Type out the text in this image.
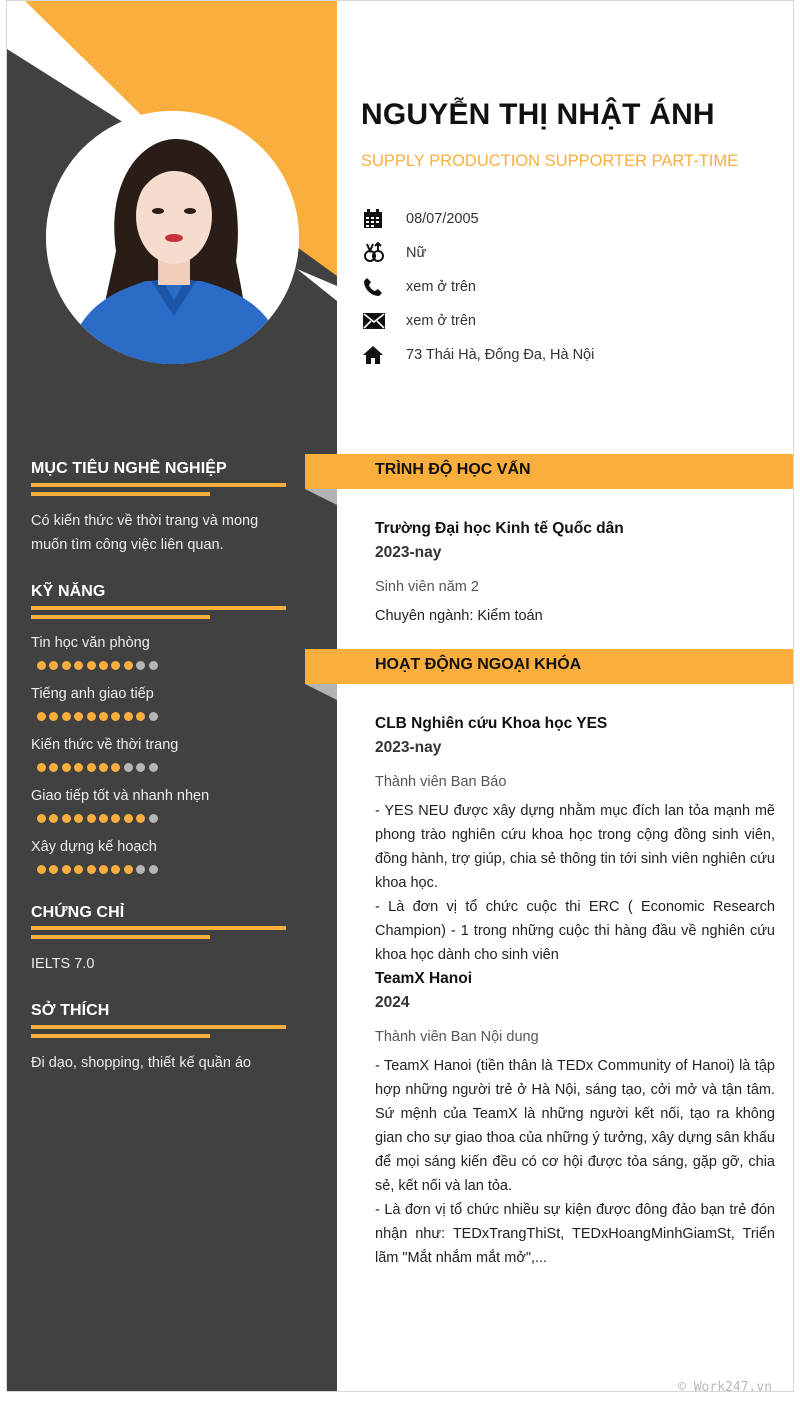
MỤC TIÊU NGHỀ NGHIỆP
Có kiến thức về thời trang và mong muốn tìm công việc liên quan.
KỸ NĂNG
Tin học văn phòng
Tiếng anh giao tiếp
Kiến thức về thời trang
Giao tiếp tốt và nhanh nhẹn
Xây dựng kế hoạch
CHỨNG CHỈ
IELTS 7.0
SỞ THÍCH
Đi dạo, shopping, thiết kế quần áo
NGUYỄN THỊ NHẬT ÁNH
SUPPLY PRODUCTION SUPPORTER PART-TIME
08/07/2005
Nữ
xem ở trên
xem ở trên
73 Thái Hà, Đống Đa, Hà Nội
TRÌNH ĐỘ HỌC VẤN
Trường Đại học Kinh tế Quốc dân
2023-nay
Sinh viên năm 2
Chuyên ngành: Kiểm toán
HOẠT ĐỘNG NGOẠI KHÓA
CLB Nghiên cứu Khoa học YES
2023-nay
Thành viên Ban Báo

- YES NEU được xây dựng nhằm mục đích lan tỏa mạnh mẽ phong trào nghiên cứu khoa học trong cộng đồng sinh viên, đồng hành, trợ giúp, chia sẻ thông tin tới sinh viên nghiên cứu khoa học.

- Là đơn vị tổ chức cuộc thi ERC ( Economic Research Champion) - 1 trong những cuộc thi hàng đầu về nghiên cứu khoa học dành cho sinh viên

TeamX Hanoi
2024
Thành viên Ban Nội dung

- TeamX Hanoi (tiền thân là TEDx Community of Hanoi) là tập hợp những người trẻ ở Hà Nội, sáng tạo, cởi mở và tận tâm. Sứ mệnh của TeamX là những người kết nối, tạo ra không gian cho sự giao thoa của những ý tưởng, xây dựng sân khấu để mọi sáng kiến đều có cơ hội được tỏa sáng, gặp gỡ, chia sẻ, kết nối và lan tỏa.

- Là đơn vị tổ chức nhiều sự kiện được đông đảo bạn trẻ đón nhận như: TEDxTrangThiSt, TEDxHoangMinhGiamSt, Triển lãm "Mắt nhắm mắt mở",...

© Work247.vn
